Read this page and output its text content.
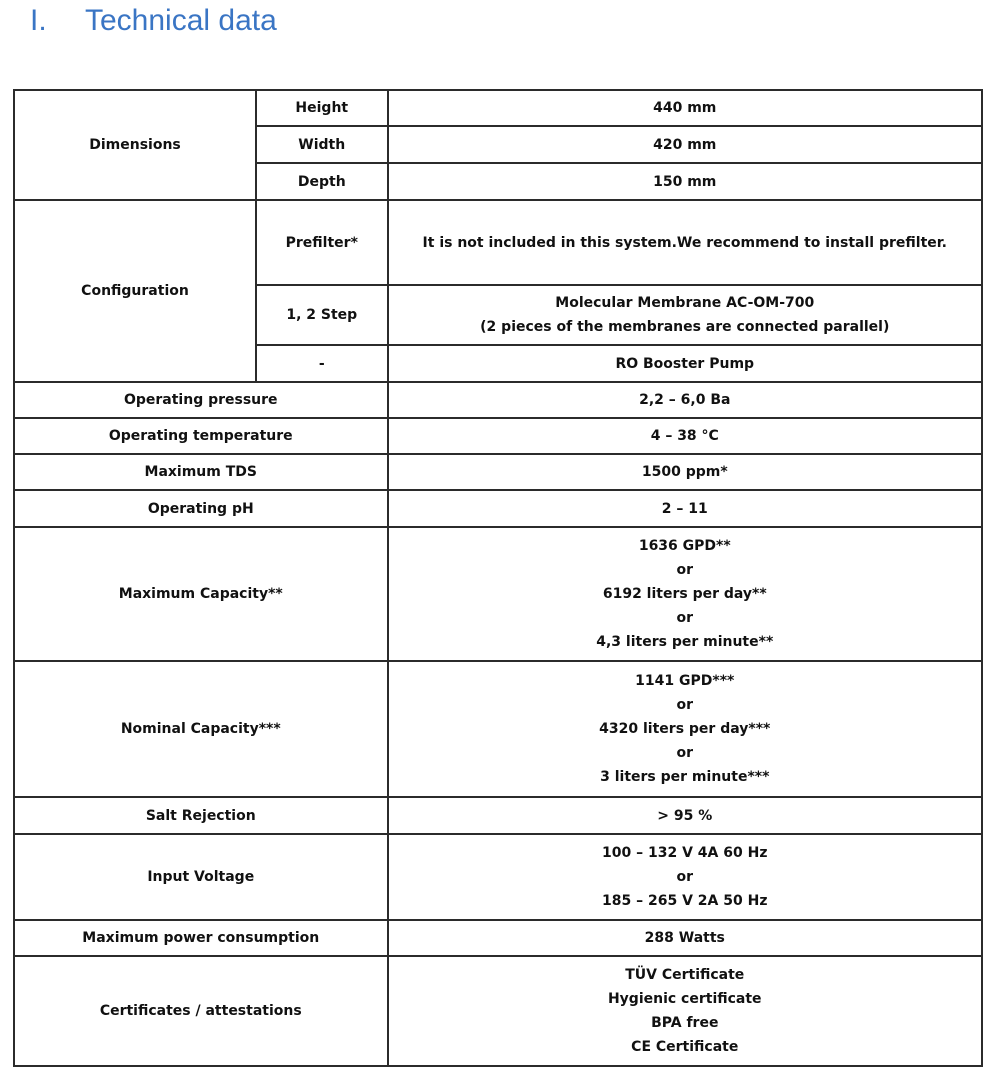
I. Technical data
Dimensions	Height	440 mm
	Width	420 mm
	Depth	150 mm
Configuration	Prefilter*	It is not included in this system.We recommend to install prefilter.
	1, 2 Step	Molecular Membrane AC-OM-700
(2 pieces of the membranes are connected parallel)

	-	RO Booster Pump
Operating pressure		2,2 – 6,0 Ba
Operating temperature		4 – 38 °C
Maximum TDS		1500 ppm*
Operating pH		2 – 11
Maximum Capacity**		1636 GPD**
or
6192 liters per day**
or
4,3 liters per minute**

Nominal Capacity***		1141 GPD***
or
4320 liters per day***
or
3 liters per minute***

Salt Rejection		> 95 %
Input Voltage		100 – 132 V 4A 60 Hz
or
185 – 265 V 2A 50 Hz

Maximum power consumption		288 Watts
Certificates / attestations		TÜV Certificate
Hygienic certificate
BPA free
CE Certificate
